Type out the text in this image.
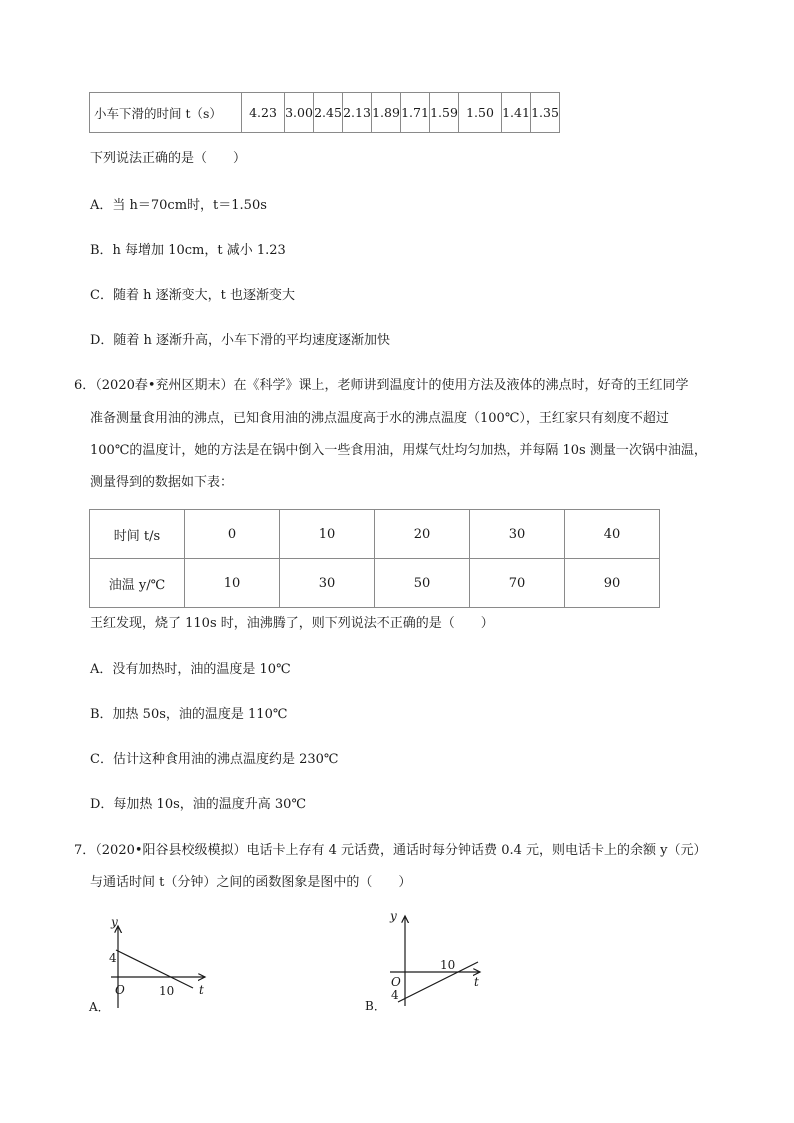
小车下滑的时间 t（s）	4.23	3.00	2.45	2.13	1.89	1.71	1.59	1.50	1.41	1.35
下列说法正确的是（　　）
A．当 h＝70cm时，t＝1.50s
B．h 每增加 10cm，t 减小 1.23
C．随着 h 逐渐变大，t 也逐渐变大
D．随着 h 逐渐升高，小车下滑的平均速度逐渐加快
6．（2020春•兖州区期末）在《科学》课上，老师讲到温度计的使用方法及液体的沸点时，好奇的王红同学
准备测量食用油的沸点，已知食用油的沸点温度高于水的沸点温度（100℃），王红家只有刻度不超过
100℃的温度计，她的方法是在锅中倒入一些食用油，用煤气灶均匀加热，并每隔 10s 测量一次锅中油温，
测量得到的数据如下表：
时间 t/s	0	10	20	30	40
油温 y/℃	10	30	50	70	90
王红发现，烧了 110s 时，油沸腾了，则下列说法不正确的是（　　）
A．没有加热时，油的温度是 10℃
B．加热 50s，油的温度是 110℃
C．估计这种食用油的沸点温度约是 230℃
D．每加热 10s，油的温度升高 30℃
7．（2020•阳谷县校级模拟）电话卡上存有 4 元话费，通话时每分钟话费 0.4 元，则电话卡上的余额 y（元）
与通话时间 t（分钟）之间的函数图象是图中的（　　）
y
4
O	10 t
A．
y
O
4
10
t
B．
